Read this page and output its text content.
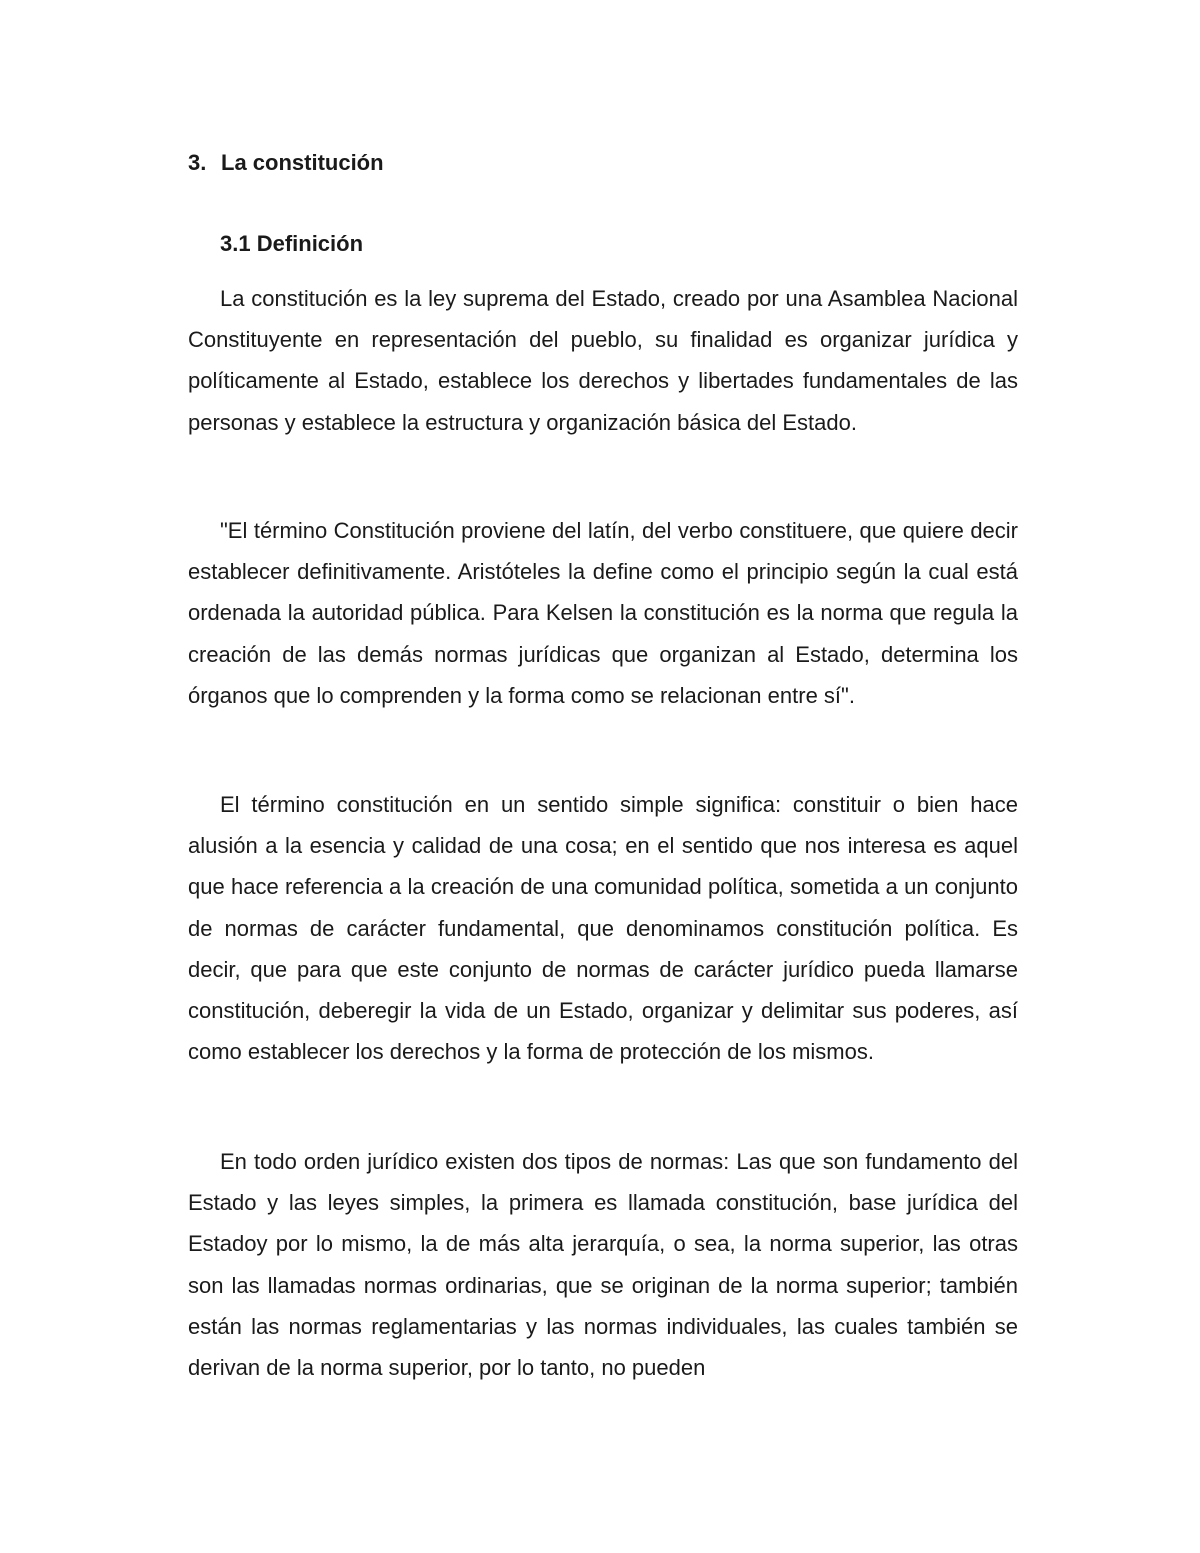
3. La constitución
3.1 Definición

La constitución es la ley suprema del Estado, creado por una Asamblea Nacional Constituyente en representación del pueblo, su finalidad es organizar jurídica y políticamente al Estado, establece los derechos y libertades fundamentales de las personas y establece la estructura y organización básica del Estado.

"El término Constitución proviene del latín, del verbo constituere, que quiere decir establecer definitivamente. Aristóteles la define como el principio según la cual está ordenada la autoridad pública. Para Kelsen la constitución es la norma que regula la creación de las demás normas jurídicas que organizan al Estado, determina los órganos que lo comprenden y la forma como se relacionan entre sí".

El término constitución en un sentido simple significa: constituir o bien hace alusión a la esencia y calidad de una cosa; en el sentido que nos interesa es aquel que hace referencia a la creación de una comunidad política, sometida a un conjunto de normas de carácter fundamental, que denominamos constitución política. Es decir, que para que este conjunto de normas de carácter jurídico pueda llamarse constitución, deberegir la vida de un Estado, organizar y delimitar sus poderes, así como establecer los derechos y la forma de protección de los mismos.

En todo orden jurídico existen dos tipos de normas: Las que son fundamento del Estado y las leyes simples, la primera es llamada constitución, base jurídica del Estadoy por lo mismo, la de más alta jerarquía, o sea, la norma superior, las otras son las llamadas normas ordinarias, que se originan de la norma superior; también están las normas reglamentarias y las normas individuales, las cuales también se derivan de la norma superior, por lo tanto, no pueden
